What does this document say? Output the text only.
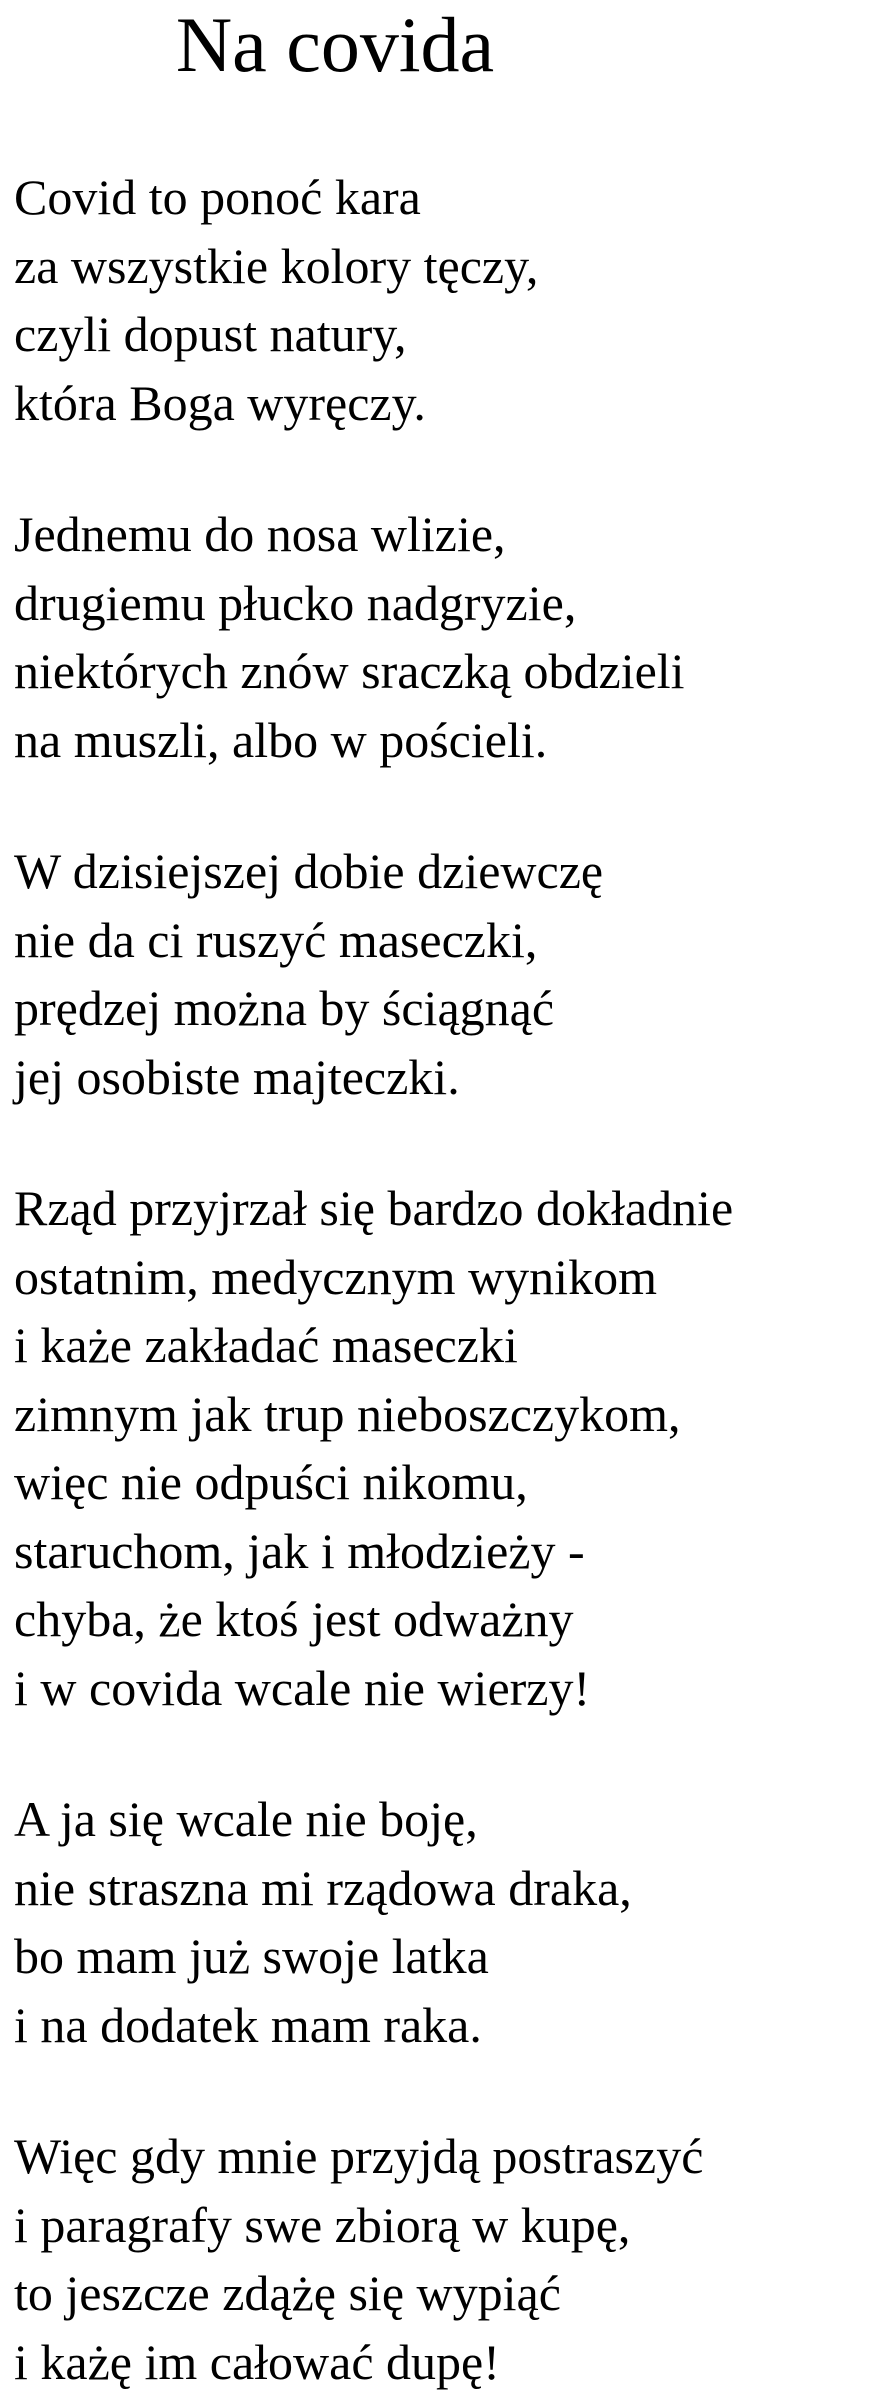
Na covida
Covid to ponoć kara
za wszystkie kolory tęczy,
czyli dopust natury,
która Boga wyręczy.
Jednemu do nosa wlizie,
drugiemu płucko nadgryzie,
niektórych znów sraczką obdzieli
na muszli, albo w pościeli.
W dzisiejszej dobie dziewczę
nie da ci ruszyć maseczki,
prędzej można by ściągnąć
jej osobiste majteczki.
Rząd przyjrzał się bardzo dokładnie
ostatnim, medycznym wynikom
i każe zakładać maseczki
zimnym jak trup nieboszczykom,
więc nie odpuści nikomu,
staruchom, jak i młodzieży -
chyba, że ktoś jest odważny
i w covida wcale nie wierzy!
A ja się wcale nie boję,
nie straszna mi rządowa draka,
bo mam już swoje latka
i na dodatek mam raka.
Więc gdy mnie przyjdą postraszyć
i paragrafy swe zbiorą w kupę,
to jeszcze zdążę się wypiąć
i każę im całować dupę!
